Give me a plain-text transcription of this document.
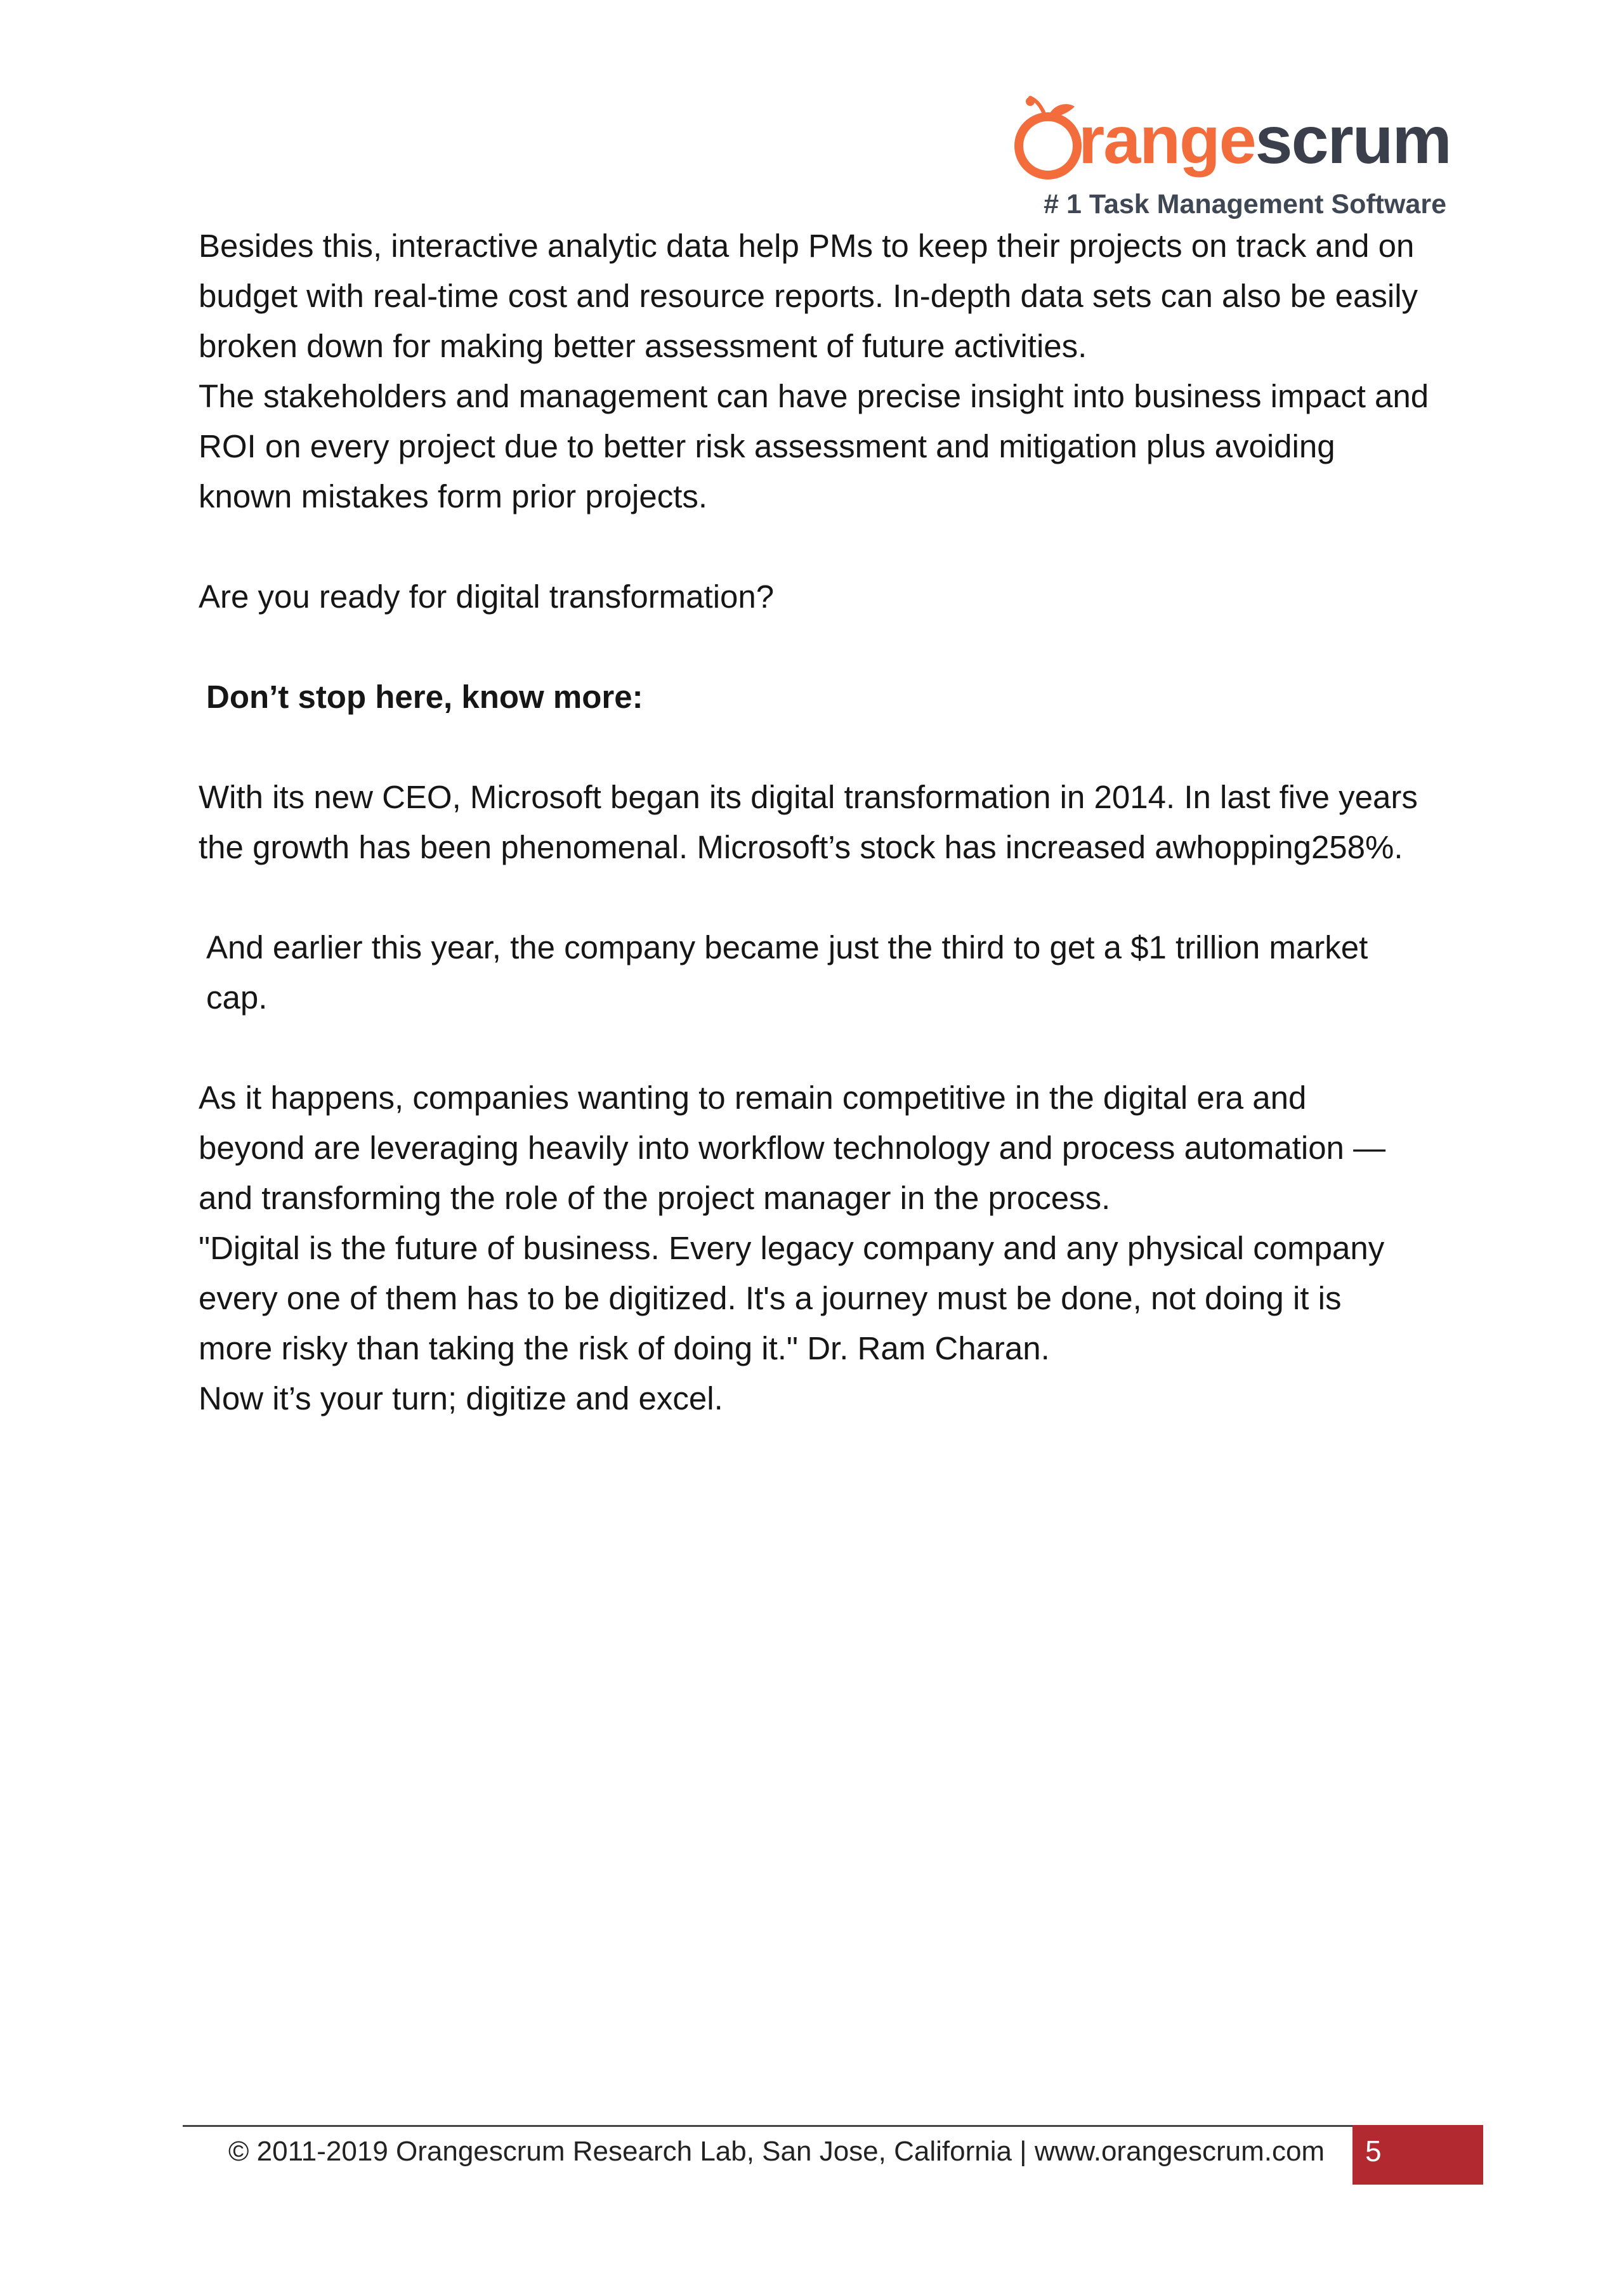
rangescrum
# 1 Task Management Software

Besides this, interactive analytic data help PMs to keep their projects on track and on
budget with real-time cost and resource reports. In-depth data sets can also be easily
broken down for making better assessment of future activities.

The stakeholders and management can have precise insight into business impact and
ROI on every project due to better risk assessment and mitigation plus avoiding
known mistakes form prior projects.

Are you ready for digital transformation?

Don’t stop here, know more:

With its new CEO, Microsoft began its digital transformation in 2014. In last five years
the growth has been phenomenal. Microsoft’s stock has increased awhopping258%.

And earlier this year, the company became just the third to get a $1 trillion market
cap.

As it happens, companies wanting to remain competitive in the digital era and
beyond are leveraging heavily into workflow technology and process automation —
and transforming the role of the project manager in the process.

"Digital is the future of business. Every legacy company and any physical company
every one of them has to be digitized. It's a journey must be done, not doing it is
more risky than taking the risk of doing it." Dr. Ram Charan.

Now it’s your turn; digitize and excel.

© 2011-2019 Orangescrum Research Lab, San Jose, California | www.orangescrum.com 5
